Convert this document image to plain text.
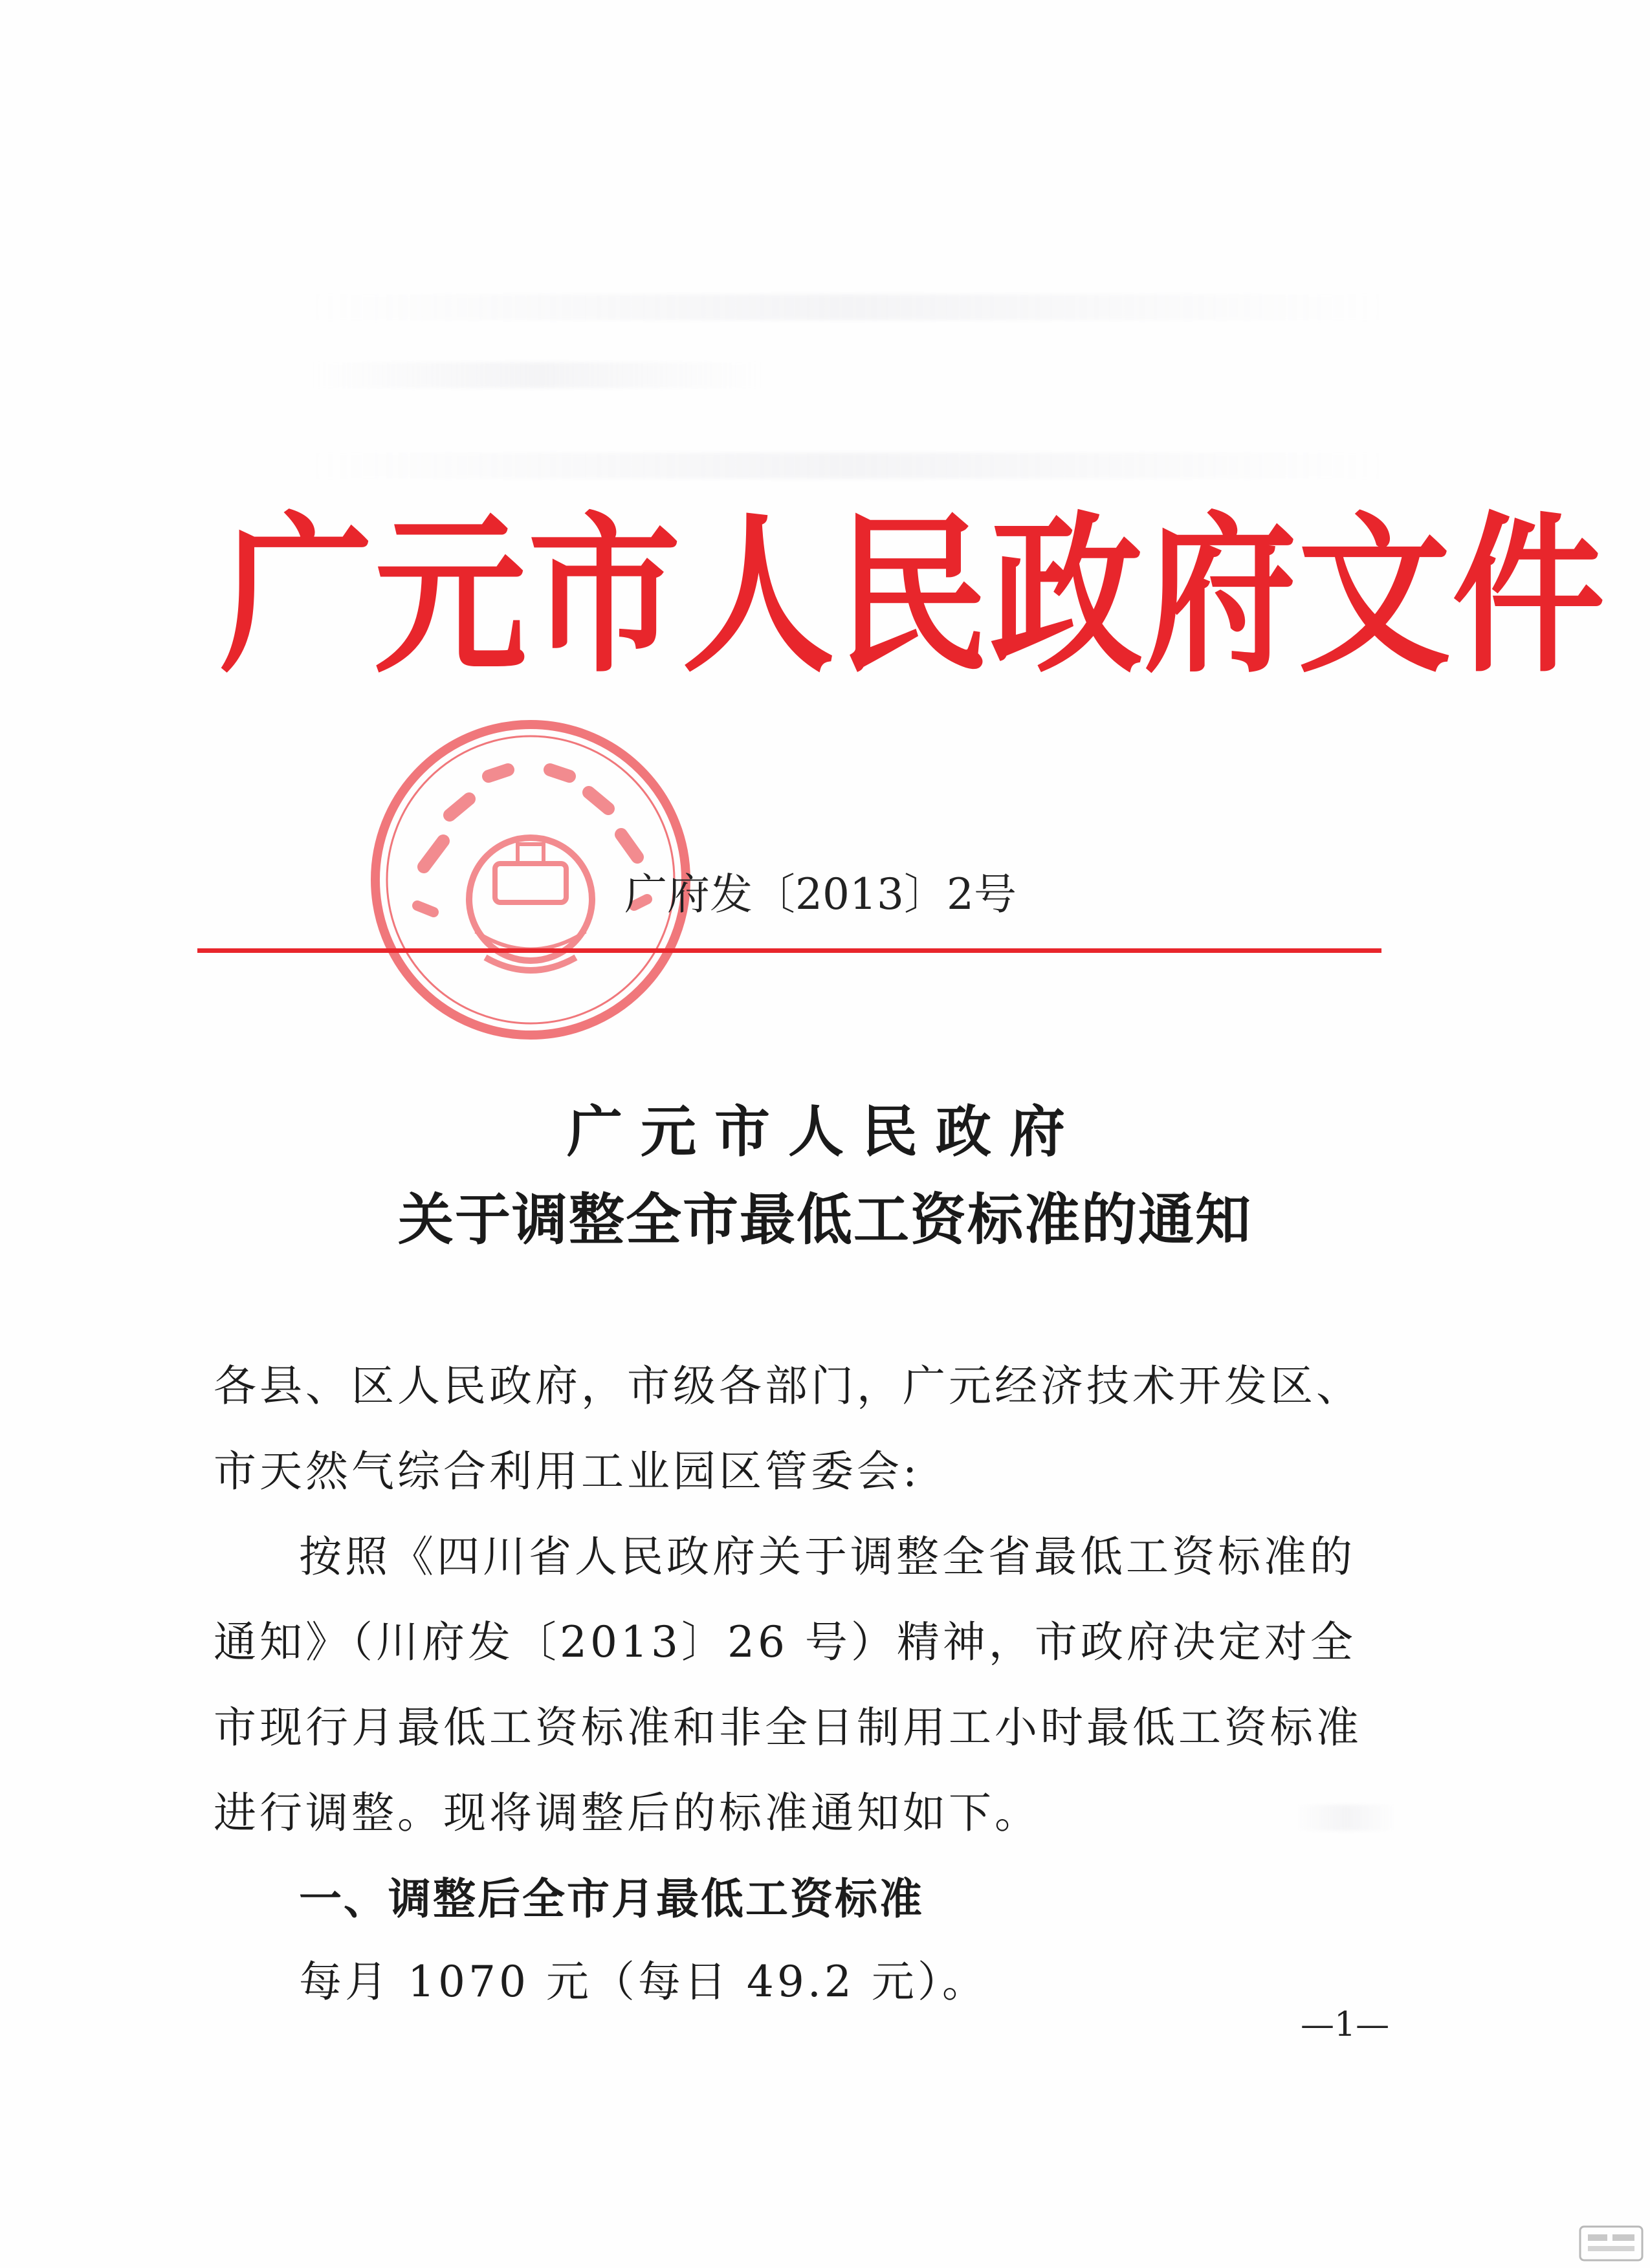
广元市人民政府文件
广府发〔2013〕2号
广元市人民政府
关于调整全市最低工资标准的通知

各县、区人民政府，市级各部门，广元经济技术开发区、市天然气综合利用工业园区管委会:

按照《四川省人民政府关于调整全省最低工资标准的通知》（川府发〔2013〕26 号）精神，市政府决定对全市现行月最低工资标准和非全日制用工小时最低工资标准进行调整。现将调整后的标准通知如下。

一、调整后全市月最低工资标准

每月 1070 元（每日 49.2 元）。

—1—
